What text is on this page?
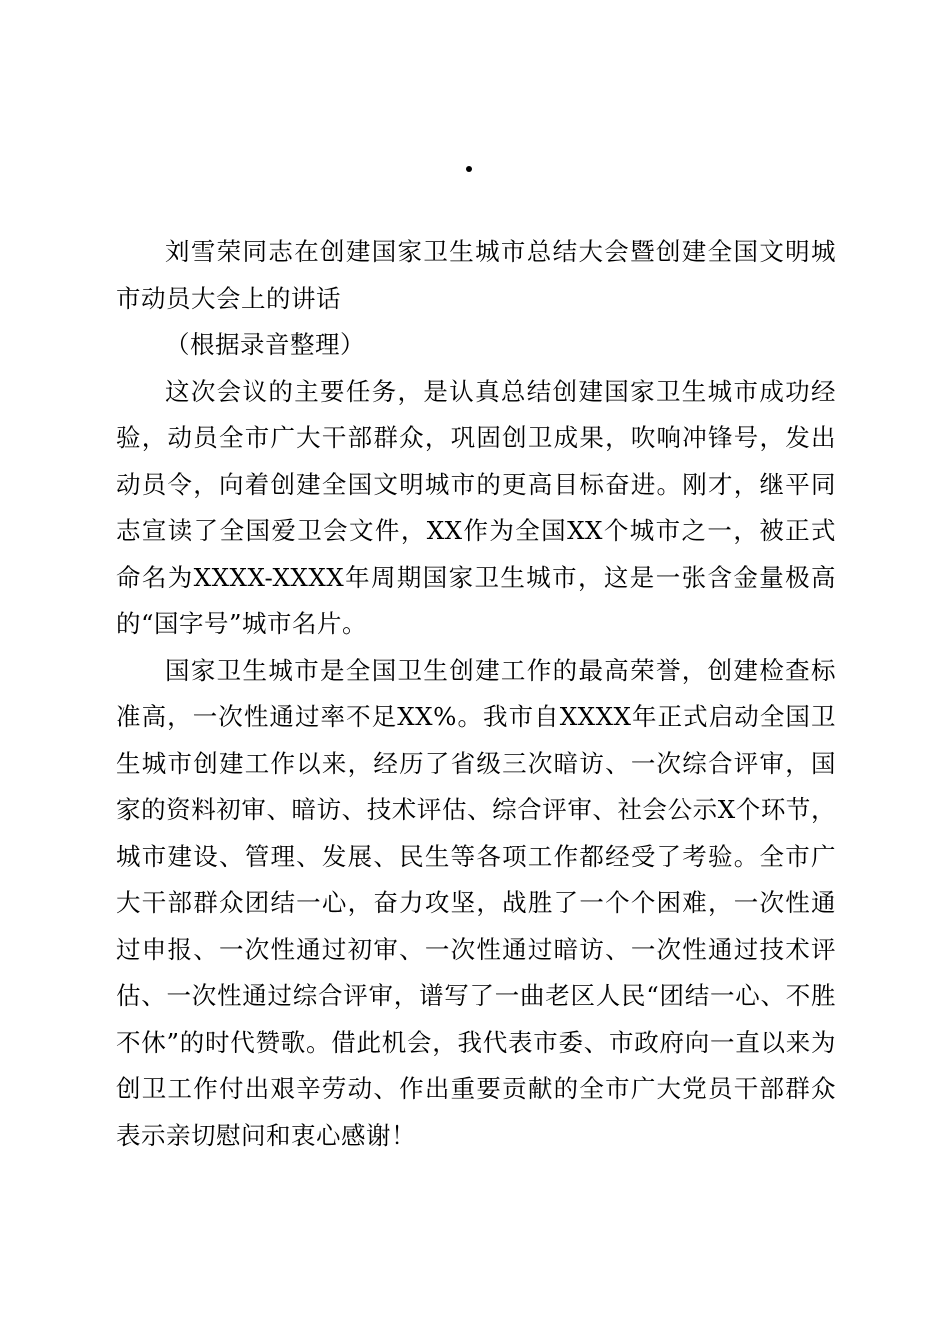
刘雪荣同志在创建国家卫生城市总结大会暨创建全国文明城市动员大会上的讲话

（根据录音整理）

这次会议的主要任务，是认真总结创建国家卫生城市成功经验，动员全市广大干部群众，巩固创卫成果，吹响冲锋号，发出动员令，向着创建全国文明城市的更高目标奋进。刚才，继平同志宣读了全国爱卫会文件，XX作为全国XX个城市之一，被正式命名为XXXX-XXXX年周期国家卫生城市，这是一张含金量极高的“国字号”城市名片。

国家卫生城市是全国卫生创建工作的最高荣誉，创建检查标准高，一次性通过率不足XX%。我市自XXXX年正式启动全国卫生城市创建工作以来，经历了省级三次暗访、一次综合评审，国家的资料初审、暗访、技术评估、综合评审、社会公示X个环节，城市建设、管理、发展、民生等各项工作都经受了考验。全市广大干部群众团结一心，奋力攻坚，战胜了一个个困难，一次性通过申报、一次性通过初审、一次性通过暗访、一次性通过技术评估、一次性通过综合评审，谱写了一曲老区人民“团结一心、不胜不休”的时代赞歌。借此机会，我代表市委、市政府向一直以来为创卫工作付出艰辛劳动、作出重要贡献的全市广大党员干部群众表示亲切慰问和衷心感谢！
